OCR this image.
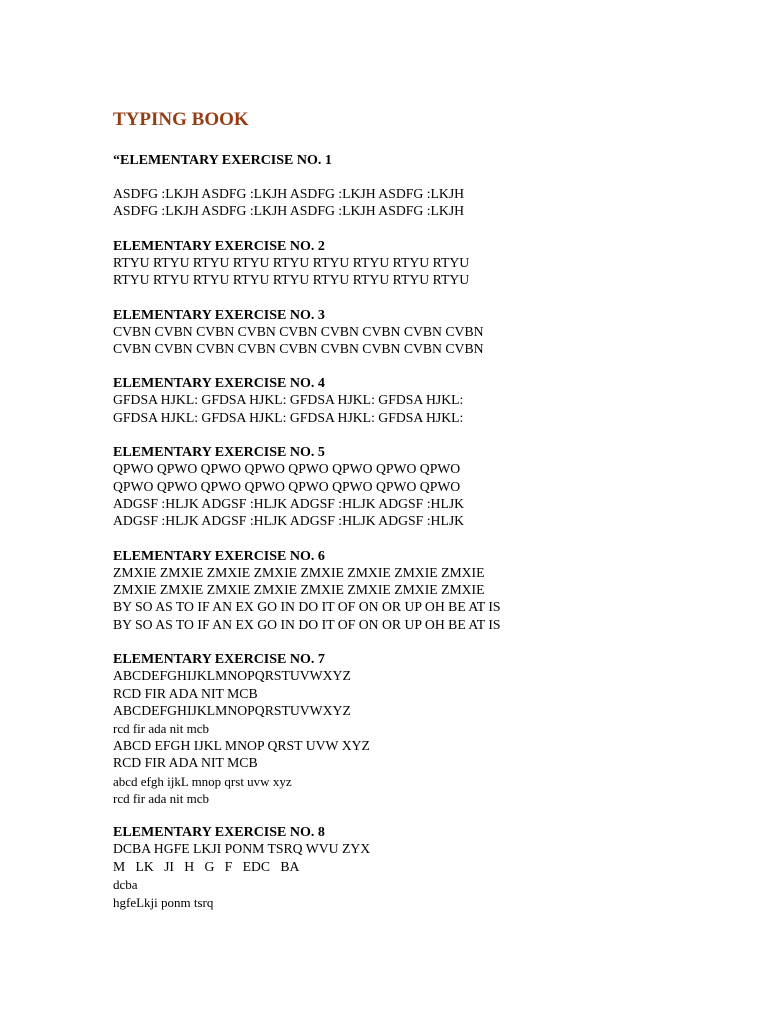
TYPING BOOK
“ELEMENTARY EXERCISE NO. 1
ASDFG :LKJH ASDFG :LKJH ASDFG :LKJH ASDFG :LKJH
ASDFG :LKJH ASDFG :LKJH ASDFG :LKJH ASDFG :LKJH
ELEMENTARY EXERCISE NO. 2
RTYU RTYU RTYU RTYU RTYU RTYU RTYU RTYU RTYU
RTYU RTYU RTYU RTYU RTYU RTYU RTYU RTYU RTYU
ELEMENTARY EXERCISE NO. 3
CVBN CVBN CVBN CVBN CVBN CVBN CVBN CVBN CVBN
CVBN CVBN CVBN CVBN CVBN CVBN CVBN CVBN CVBN
ELEMENTARY EXERCISE NO. 4
GFDSA HJKL: GFDSA HJKL: GFDSA HJKL: GFDSA HJKL:
GFDSA HJKL: GFDSA HJKL: GFDSA HJKL: GFDSA HJKL:
ELEMENTARY EXERCISE NO. 5
QPWO QPWO QPWO QPWO QPWO QPWO QPWO QPWO
QPWO QPWO QPWO QPWO QPWO QPWO QPWO QPWO
ADGSF :HLJK ADGSF :HLJK ADGSF :HLJK ADGSF :HLJK
ADGSF :HLJK ADGSF :HLJK ADGSF :HLJK ADGSF :HLJK
ELEMENTARY EXERCISE NO. 6
ZMXIE ZMXIE ZMXIE ZMXIE ZMXIE ZMXIE ZMXIE ZMXIE
ZMXIE ZMXIE ZMXIE ZMXIE ZMXIE ZMXIE ZMXIE ZMXIE
BY SO AS TO IF AN EX GO IN DO IT OF ON OR UP OH BE AT IS
BY SO AS TO IF AN EX GO IN DO IT OF ON OR UP OH BE AT IS
ELEMENTARY EXERCISE NO. 7
ABCDEFGHIJKLMNOPQRSTUVWXYZ
RCD FIR ADA NIT MCB
ABCDEFGHIJKLMNOPQRSTUVWXYZ
rcd fir ada nit mcb
ABCD EFGH IJKL MNOP QRST UVW XYZ
RCD FIR ADA NIT MCB
abcd efgh ijkL mnop qrst uvw xyz
rcd fir ada nit mcb
ELEMENTARY EXERCISE NO. 8
DCBA HGFE LKJI PONM TSRQ WVU ZYX
M   LK   JI   H   G   F   EDC   BA
dcba
hgfeLkji ponm tsrq
